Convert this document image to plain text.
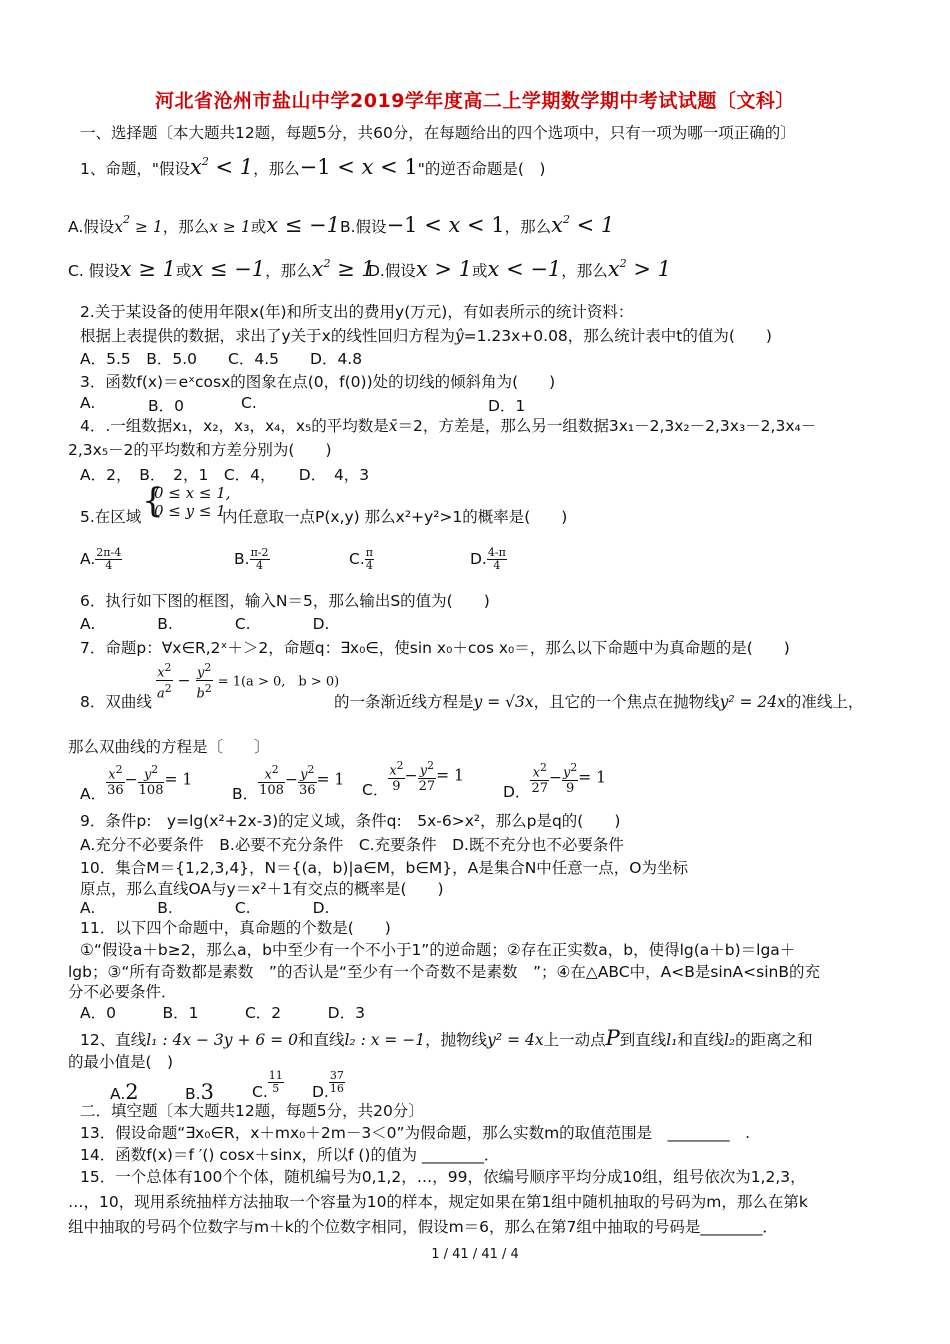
河北省沧州市盐山中学2019学年度高二上学期数学期中考试试题〔文科〕
一、选择题〔本大题共12题，每题5分，共60分，在每题给出的四个选项中，只有一项为哪一项正确的〕
1、命题，"假设$x^2 < 1$，那么−1 < x < 1"的逆否命题是(　)
A.假设$x^2 \ge 1$，那么x ≥ 1或x ≤ −1 B.假设−1 < x < 1，那么$x^2 < 1$
C. 假设x ≥ 1或x ≤ −1，那么$x^2 \ge 1$
D.假设x > 1或x < −1，那么$x^2 > 1$
2.关于某设备的使用年限x(年)和所支出的费用y(万元)，有如表所示的统计资料：
根据上表提供的数据，求出了y关于x的线性回归方程为ŷ=1.23x+0.08，那么统计表中t的值为(　　)
A．5.5　B．5.0　　C．4.5　　D．4.8
3．函数f(x)＝eˣcosx的图象在点(0，f(0))处的切线的倾斜角为(　　)
A.	B．0	C.	D．1
4．.一组数据x₁，x₂，x₃，x₄，x₅的平均数是x̄＝2，方差是，那么另一组数据3x₁－2,3x₂－2,3x₃－2,3x₄－
2,3x₅－2的平均数和方差分别为(　　)
A．2，　B．　2，1　C．4，　　D．　4，3
{
0 ≤ x ≤ 1,
0 ≤ y ≤ 1
5.在区域	内任意取一点P(x,y) 那么x²+y²>1的概率是(　　)
A. $\frac{2\pi-4}{4}$	B. $\frac{\pi-2}{4}$	C. $\frac{\pi}{4}$	D. $\frac{4-\pi}{4}$
6．执行如下图的框图，输入N＝5，那么输出S的值为(　　)
A.　　　　B.　　　　C.　　　　D.
7．命题p：∀x∈R,2ˣ＋＞2，命题q：∃x₀∈，使sin x₀＋cos x₀＝，那么以下命题中为真命题的是(　　)
8．双曲线
$\frac{x^2}{a^2} - \frac{y^2}{b^2} = 1(a > 0$,　b > 0)
的一条渐近线方程是y = √3x，且它的一个焦点在抛物线y² = 24x的准线上，
那么双曲线的方程是〔　　〕
A． $\frac{x^2}{36} - \frac{y^2}{108} = 1$
B． $\frac{x^2}{108} - \frac{y^2}{36} = 1$
C． $\frac{x^2}{9} - \frac{y^2}{27} = 1$
D． $\frac{x^2}{27} - \frac{y^2}{9} = 1$
9．条件p:　y=lg(x²+2x-3)的定义域，条件q:　5x-6>x²，那么p是q的(　　)
A.充分不必要条件　B.必要不充分条件　C.充要条件　D.既不充分也不必要条件
10．集合M＝{1,2,3,4}，N＝{(a，b)|a∈M，b∈M}，A是集合N中任意一点，O为坐标
原点，那么直线OA与y＝x²＋1有交点的概率是(　　)
A.　　　　B.　　　　C.　　　　D.
11．以下四个命题中，真命题的个数是(　　)
①“假设a＋b≥2，那么a，b中至少有一个不小于1”的逆命题；②存在正实数a，b，使得lg(a＋b)＝lga＋
lgb；③“所有奇数都是素数　”的否认是“至少有一个奇数不是素数　”；④在△ABC中，A<B是sinA<sinB的充
分不必要条件．
A．0　　　B．1　　　C．2　　　D．3
12、直线l₁ : 4x − 3y + 6 = 0和直线l₂ : x = −1，抛物线y² = 4x上一动点P到直线l₁和直线l₂的距离之和
的最小值是(　)
A.2	B.3 C. $\frac{11}{5} D$. $\frac{37}{16}$
二．填空题〔本大题共12题，每题5分，共20分〕
13．假设命题“∃x₀∈R，x＋mx₀＋2m－3＜0”为假命题，那么实数m的取值范围是　________　.
14．函数f(x)＝f ′() cosx＋sinx，所以f ()的值为 ________．
15．一个总体有100个个体，随机编号为0,1,2，…，99，依编号顺序平均分成10组，组号依次为1,2,3，
…，10，现用系统抽样方法抽取一个容量为10的样本，规定如果在第1组中随机抽取的号码为m，那么在第k
组中抽取的号码个位数字与m＋k的个位数字相同，假设m＝6，那么在第7组中抽取的号码是________．
1 / 41 / 41 / 4
